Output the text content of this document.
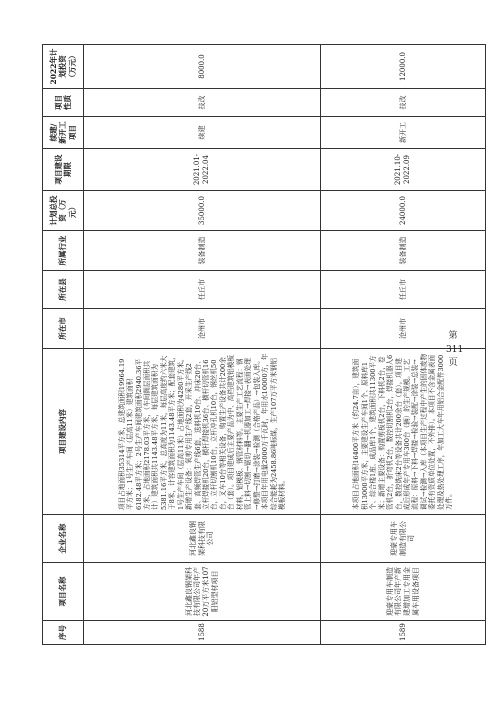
序号	项目名称	企业名称	项目建设内容	所在市	所在县	所属行业	计划总投资（万元）	项目建设期限	续建/新开工项目	项目性质	2022年计划投资（万元）
1588	河北鑫良钢架科技有限公司年产20万平方米107阳铝型材项目	河北鑫良钢架科技有限公司	项目占地面积35314平方米，总建筑面积19964.19平方米；1号生产车间（层高11米）建筑面积6182.48平方米；2号生产车间建筑面积2940.36平方米，占地面积2178.03平方米，（车间阁层面积共计）建筑面积共1143.48平方米，每层建筑面积为5381.16平方米，总高度为11米，每层高度约六米大于8米，计容建筑面积为1143.48平方米；配套建筑，1号生产车间（层高11米）占地面积为4280平方米。新增生产设备：氧剪专用生产线2套，开采生产线2套、高频焊管生产线6套，送料机10台、冲床20台、立杆焊接机20台，横杆焊接机36台、横杆切管机16台，立杆切割机10台，立杆冲孔机10台，钢丝机50台，叉车10台等相关设备，购置生产设备共计200余台（套）。项目建成后主要产品为中、高档建筑铝模板材料，铝模板、钢管材料等。主要生产工艺流程：钢管上料→切割→锯切→翻→机器加工→焊接→表面处理→修整→打磨→涂装→检测（合格产品）→包装入库。本项目年用电量2000万千瓦时，年用水10000方，年综合能耗为2458.86吨标煤，生产107万平方米钢铝模板材料。	沧州市	任丘市	装备制造	35000.0	2021.01-2022.04	续建	技改	8000.0
1589	迎豪专用车制造有限公司年产新建增加工专用金属车用设备项目	迎豪专用车制造有限公司	本项目占地面积16400平方米（约24.7亩），建筑面积13000平方米，主要建设生产车间1个、原料库1个、综合楼1座、成品库1个，建筑面积共11300平方米；新增主要设备：购置剪板机2台，下料机2台，卷管机2台，折弯机2台，数控切割机2台，焊接机器人6台，数控铣床2台等设备共计200余台（套）。项目建成后形成年产专用车300台（辆）的生产规模。工艺流程：原料→下料→焊接→检验→装配→涂装→总装→调试→检测→入库（本项目生产过程中产生的固体废物委托有资质单位处置，不外排）。本项目不含金属表面处理及热处理工序，年加工大车年用铝合金配件3000万件。	沧州市	任丘市	装备制造	24000.0	2021.10-2022.09	新开工	技改	12000.0
第 311 页
